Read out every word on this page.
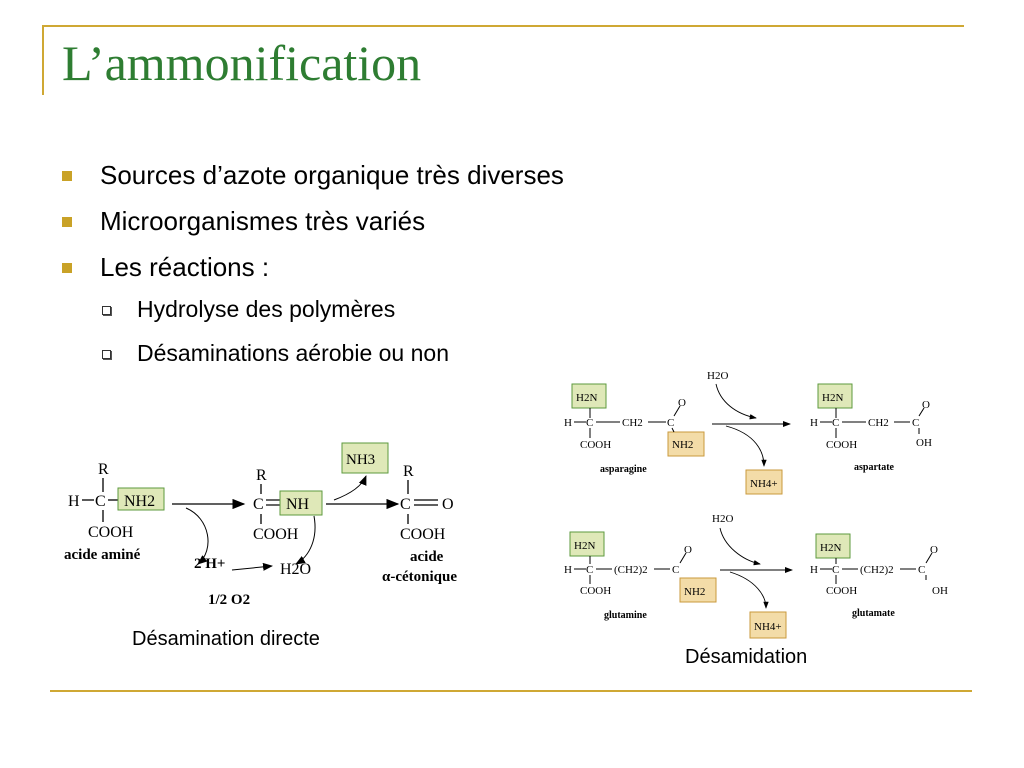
L’ammonification
Sources d’azote organique très diverses
Microorganismes très variés
Les réactions :
Hydrolyse des polymères
Désaminations aérobie ou non
R
H C NH2
COOH
acide aminé
2 H+
R
C NH
COOH
H2O
1/2 O2
NH3
R
C O
COOH
acide
α-cétonique
Désamination directe
H2O
H2N
H C	CH2 C
O
COOH	NH2
asparagine
NH4+
H2N
H C	CH2 C
O
OH
COOH
aspartate
H2O
H2N
H C (CH2)2 C
O
COOH	NH2
glutamine
NH4+
H2N
H C (CH2)2 C
O
OH
COOH
glutamate
Désamidation
